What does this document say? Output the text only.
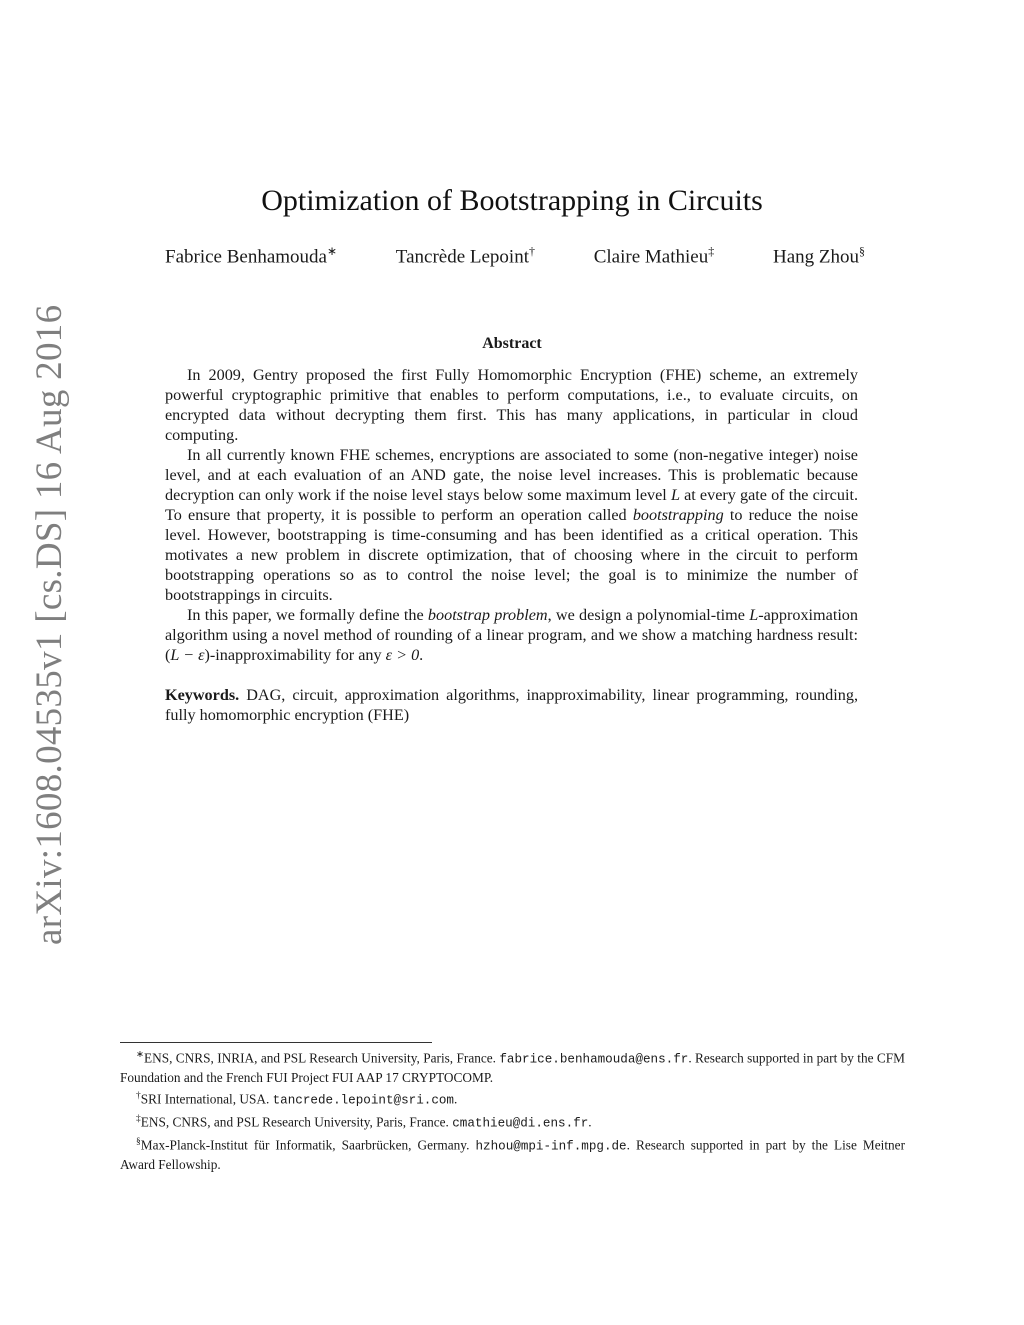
arXiv:1608.04535v1 [cs.DS] 16 Aug 2016
Optimization of Bootstrapping in Circuits
Fabrice Benhamouda∗	Tancrède Lepoint†	Claire Mathieu‡	Hang Zhou§
Abstract

In 2009, Gentry proposed the first Fully Homomorphic Encryption (FHE) scheme, an extremely powerful cryptographic primitive that enables to perform computations, i.e., to evaluate circuits, on encrypted data without decrypting them first. This has many applications, in particular in cloud computing.

In all currently known FHE schemes, encryptions are associated to some (non-negative integer) noise level, and at each evaluation of an AND gate, the noise level increases. This is problematic because decryption can only work if the noise level stays below some maximum level L at every gate of the circuit. To ensure that property, it is possible to perform an operation called bootstrapping to reduce the noise level. However, bootstrapping is time-consuming and has been identified as a critical operation. This motivates a new problem in discrete optimization, that of choosing where in the circuit to perform bootstrapping operations so as to control the noise level; the goal is to minimize the number of bootstrappings in circuits.

In this paper, we formally define the bootstrap problem, we design a polynomial-time L-approximation algorithm using a novel method of rounding of a linear program, and we show a matching hardness result: (L − ε)-inapproximability for any ε > 0.

Keywords. DAG, circuit, approximation algorithms, inapproximability, linear programming, rounding, fully homomorphic encryption (FHE)

∗ENS, CNRS, INRIA, and PSL Research University, Paris, France. fabrice.benhamouda@ens.fr. Research supported in part by the CFM Foundation and the French FUI Project FUI AAP 17 CRYPTOCOMP.

†SRI International, USA. tancrede.lepoint@sri.com.

‡ENS, CNRS, and PSL Research University, Paris, France. cmathieu@di.ens.fr.

§Max-Planck-Institut für Informatik, Saarbrücken, Germany. hzhou@mpi-inf.mpg.de. Research supported in part by the Lise Meitner Award Fellowship.
